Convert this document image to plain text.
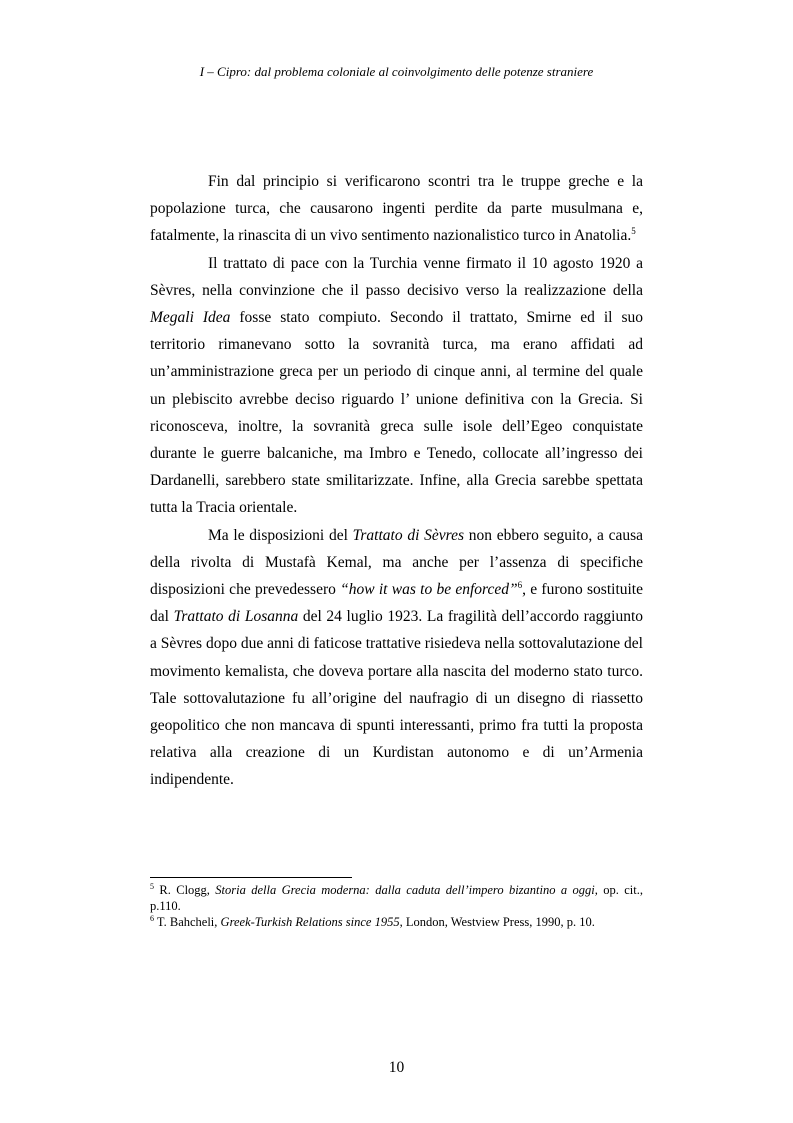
I – Cipro: dal problema coloniale al coinvolgimento delle potenze straniere

Fin dal principio si verificarono scontri tra le truppe greche e la popolazione turca, che causarono ingenti perdite da parte musulmana e, fatalmente, la rinascita di un vivo sentimento nazionalistico turco in Anatolia.$^5$

Il trattato di pace con la Turchia venne firmato il 10 agosto 1920 a Sèvres, nella convinzione che il passo decisivo verso la realizzazione della Megali Idea fosse stato compiuto. Secondo il trattato, Smirne ed il suo territorio rimanevano sotto la sovranità turca, ma erano affidati ad un’amministrazione greca per un periodo di cinque anni, al termine del quale un plebiscito avrebbe deciso riguardo l’ unione definitiva con la Grecia. Si riconosceva, inoltre, la sovranità greca sulle isole dell’Egeo conquistate durante le guerre balcaniche, ma Imbro e Tenedo, collocate all’ingresso dei Dardanelli, sarebbero state smilitarizzate. Infine, alla Grecia sarebbe spettata tutta la Tracia orientale.

Ma le disposizioni del Trattato di Sèvres non ebbero seguito, a causa della rivolta di Mustafà Kemal, ma anche per l’assenza di specifiche disposizioni che prevedessero “how it was to be enforced”$^6$, e furono sostituite dal Trattato di Losanna del 24 luglio 1923. La fragilità dell’accordo raggiunto a Sèvres dopo due anni di faticose trattative risiedeva nella sottovalutazione del movimento kemalista, che doveva portare alla nascita del moderno stato turco. Tale sottovalutazione fu all’origine del naufragio di un disegno di riassetto geopolitico che non mancava di spunti interessanti, primo fra tutti la proposta relativa alla creazione di un Kurdistan autonomo e di un’Armenia indipendente.

$^5$ R. Clogg, Storia della Grecia moderna: dalla caduta dell’impero bizantino a oggi, op. cit., p.110.

$^6$ T. Bahcheli, Greek-Turkish Relations since 1955, London, Westview Press, 1990, p. 10.

10
